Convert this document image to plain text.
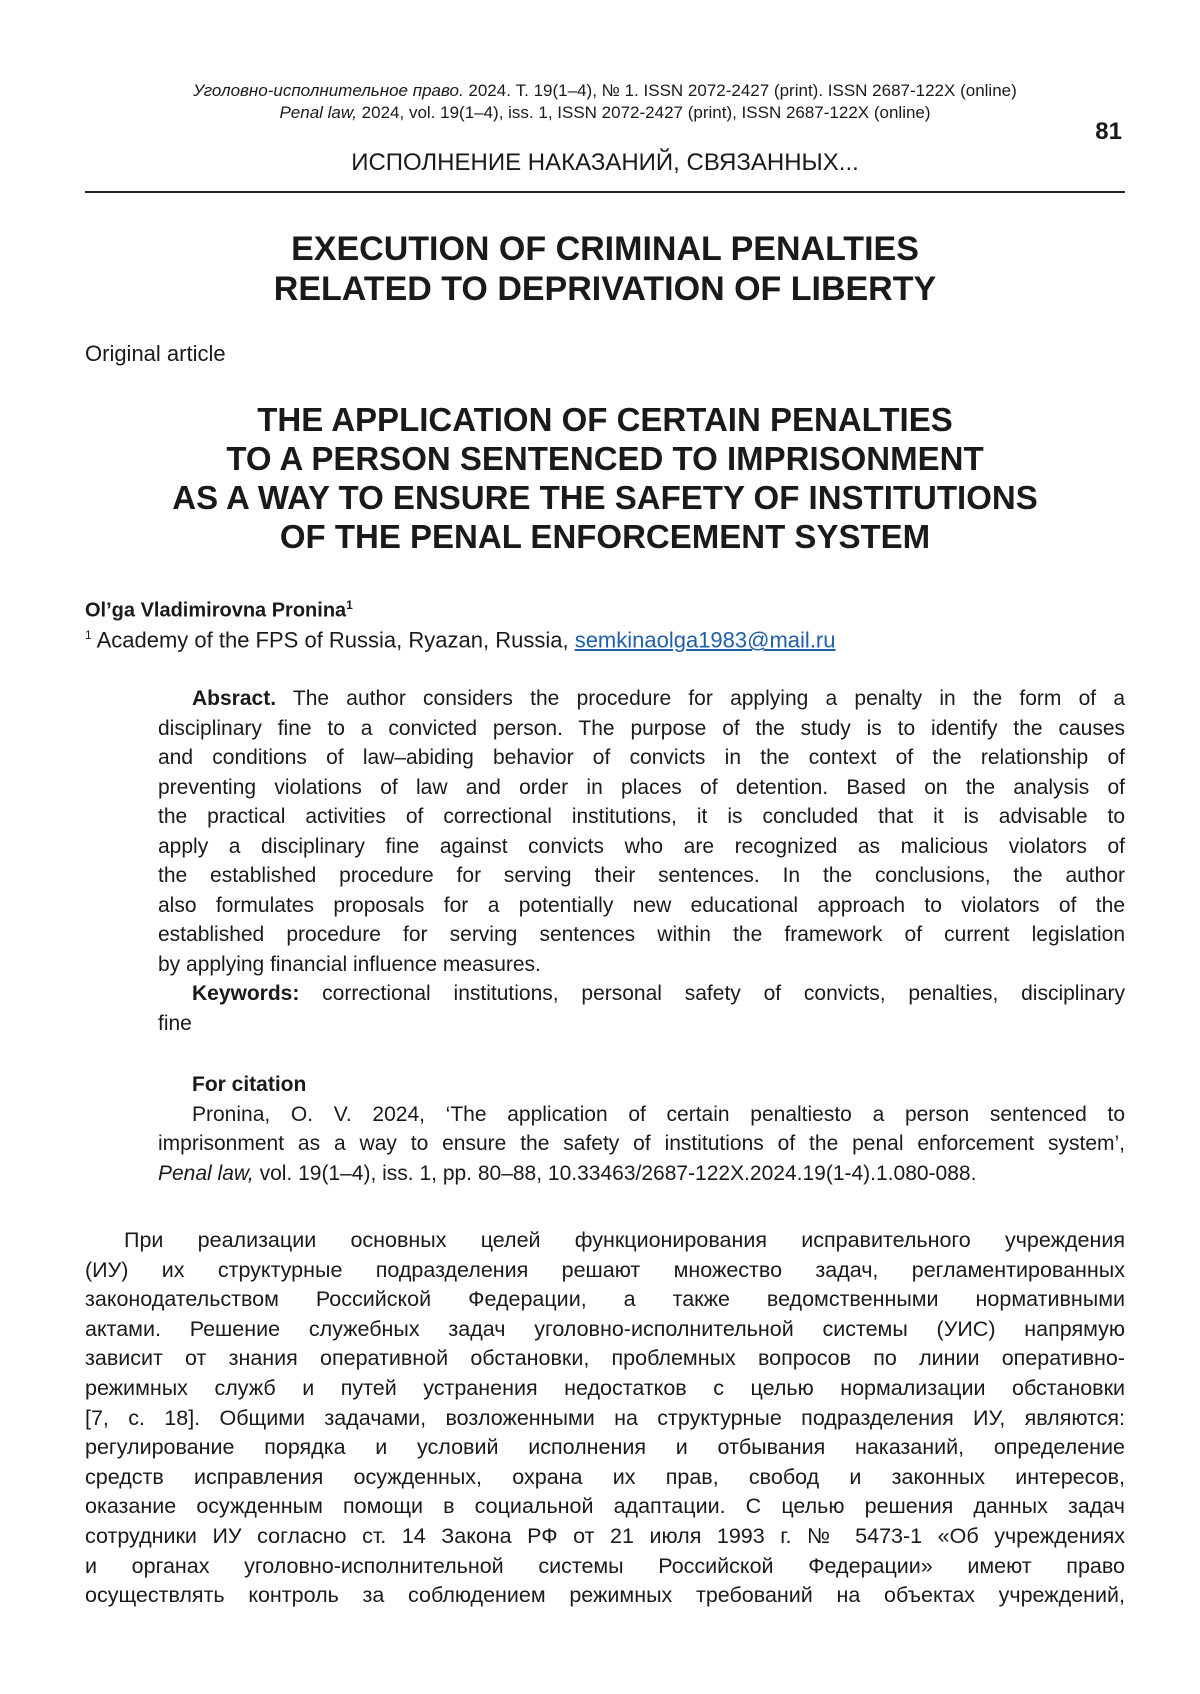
Уголовно-исполнительное право. 2024. Т. 19(1–4), № 1. ISSN 2072-2427 (print). ISSN 2687-122X (online)
Penal law, 2024, vol. 19(1–4), iss. 1, ISSN 2072-2427 (print), ISSN 2687-122X (online)
81
ИСПОЛНЕНИЕ НАКАЗАНИЙ, СВЯЗАННЫХ...
EXECUTION OF CRIMINAL PENALTIES
RELATED TO DEPRIVATION OF LIBERTY
Original article
THE APPLICATION OF CERTAIN PENALTIES
TO A PERSON SENTENCED TO IMPRISONMENT
AS A WAY TO ENSURE THE SAFETY OF INSTITUTIONS
OF THE PENAL ENFORCEMENT SYSTEM
Ol’ga Vladimirovna Pronina1
1 Academy of the FPS of Russia, Ryazan, Russia, semkinaolga1983@mail.ru
Absract. The author considers the procedure for applying a penalty in the form of a
disciplinary fine to a convicted person. The purpose of the study is to identify the causes
and conditions of law–abiding behavior of convicts in the context of the relationship of
preventing violations of law and order in places of detention. Based on the analysis of
the practical activities of correctional institutions, it is concluded that it is advisable to
apply a disciplinary fine against convicts who are recognized as malicious violators of
the established procedure for serving their sentences. In the conclusions, the author
also formulates proposals for a potentially new educational approach to violators of the
established procedure for serving sentences within the framework of current legislation
by applying financial influence measures.
Keywords: correctional institutions, personal safety of convicts, penalties, disciplinary
fine
For citation
Pronina, O. V. 2024, ‘The application of certain penaltiesto a person sentenced to
imprisonment as a way to ensure the safety of institutions of the penal enforcement system’,
Penal law, vol. 19(1–4), iss. 1, pp. 80–88, 10.33463/2687-122X.2024.19(1-4).1.080-088.
При реализации основных целей функционирования исправительного учреждения
(ИУ) их структурные подразделения решают множество задач, регламентированных
законодательством Российской Федерации, а также ведомственными нормативными
актами. Решение служебных задач уголовно-исполнительной системы (УИС) напрямую
зависит от знания оперативной обстановки, проблемных вопросов по линии оперативно-
режимных служб и путей устранения недостатков с целью нормализации обстановки
[7, с. 18]. Общими задачами, возложенными на структурные подразделения ИУ, являются:
регулирование порядка и условий исполнения и отбывания наказаний, определение
средств исправления осужденных, охрана их прав, свобод и законных интересов,
оказание осужденным помощи в социальной адаптации. С целью решения данных задач
сотрудники ИУ согласно ст. 14 Закона РФ от 21 июля 1993 г. № 5473-1 «Об учреждениях
и органах уголовно-исполнительной системы Российской Федерации» имеют право
осуществлять контроль за соблюдением режимных требований на объектах учреждений,
